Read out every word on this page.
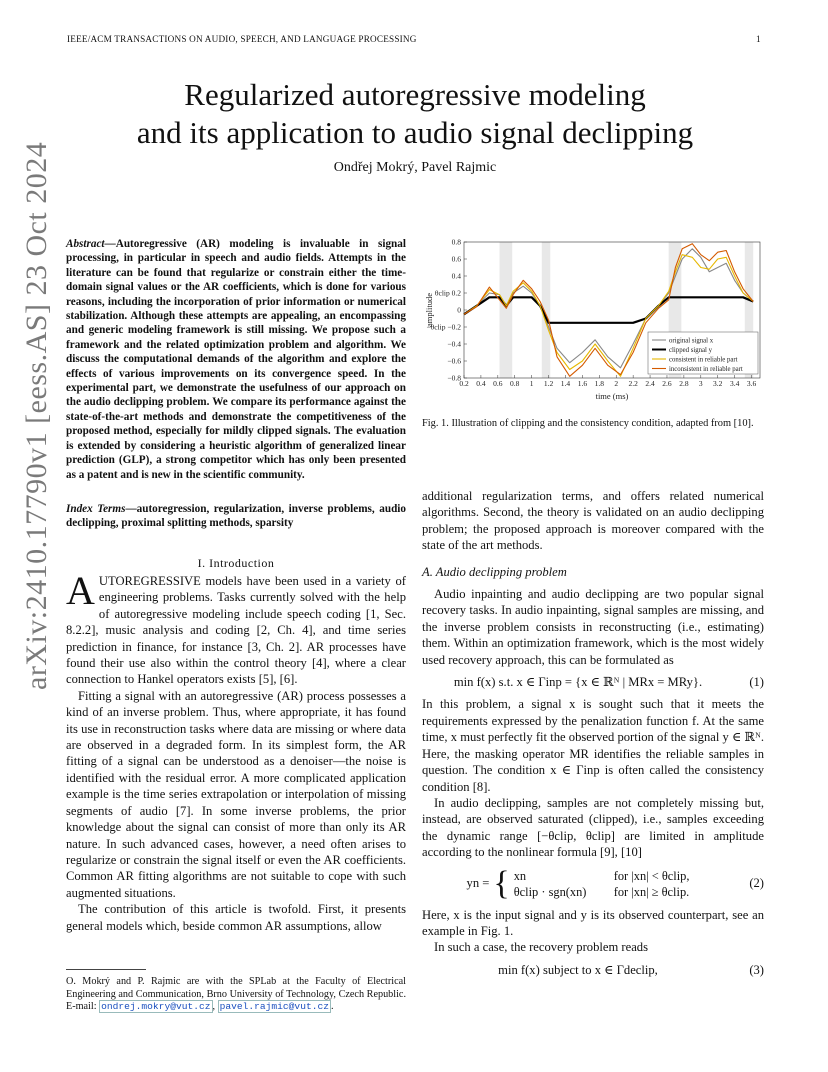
IEEE/ACM TRANSACTIONS ON AUDIO, SPEECH, AND LANGUAGE PROCESSING	1
Regularized autoregressive modeling
and its application to audio signal declipping
Ondřej Mokrý, Pavel Rajmic
arXiv:2410.17790v1 [eess.AS] 23 Oct 2024 Abstract—Autoregressive (AR) modeling is invaluable in signal processing, in particular in speech and audio fields. Attempts in the literature can be found that regularize or constrain either the time-domain signal values or the AR coefficients, which is done for various reasons, including the incorporation of prior information or numerical stabilization. Although these attempts are appealing, an encompassing and generic modeling framework is still missing. We propose such a framework and the related optimization problem and algorithm. We discuss the computational demands of the algorithm and explore the effects of various improvements on its convergence speed. In the experimental part, we demonstrate the usefulness of our approach on the audio declipping problem. We compare its performance against the state-of-the-art methods and demonstrate the competitiveness of the proposed method, especially for mildly clipped signals. The evaluation is extended by considering a heuristic algorithm of generalized linear prediction (GLP), a strong competitor which has only been presented as a patent and is new in the scientific community.
Index Terms—autoregression, regularization, inverse problems, audio declipping, proximal splitting methods, sparsity
I. Introduction

AUTOREGRESSIVE models have been used in a variety of engineering problems. Tasks currently solved with the help of autoregressive modeling include speech coding [1, Sec. 8.2.2], music analysis and coding [2, Ch. 4], and time series prediction in finance, for instance [3, Ch. 2]. AR processes have found their use also within the control theory [4], where a clear connection to Hankel operators exists [5], [6].

Fitting a signal with an autoregressive (AR) process possesses a kind of an inverse problem. Thus, where appropriate, it has found its use in reconstruction tasks where data are missing or where data are observed in a degraded form. In its simplest form, the AR fitting of a signal can be understood as a denoiser—the noise is identified with the residual error. A more complicated application example is the time series extrapolation or interpolation of missing segments of audio [7]. In some inverse problems, the prior knowledge about the signal can consist of more than only its AR nature. In such advanced cases, however, a need often arises to regularize or constrain the signal itself or even the AR coefficients. Common AR fitting algorithms are not suitable to cope with such augmented situations.

The contribution of this article is twofold. First, it presents general models which, beside common AR assumptions, allow

O. Mokrý and P. Rajmic are with the SPLab at the Faculty of Electrical Engineering and Communication, Brno University of Technology, Czech Republic. E-mail: ondrej.mokry@vut.cz , pavel.rajmic@vut.cz .
0.8
0.6
0.4
θclip 0.2
0
−θclip −0.2
−0.4
−0.6
−0.8
0.2 0.4 0.6 0.8 1 1.2 1.4 1.6 1.8 2 2.2 2.4 2.6 2.8 3 3.2 3.4 3.6
time (ms)
amplitude
original signal x
clipped signal y
consistent in reliable part
inconsistent in reliable part
Fig. 1. Illustration of clipping and the consistency condition, adapted from [10].

additional regularization terms, and offers related numerical algorithms. Second, the theory is validated on an audio declipping problem; the proposed approach is moreover compared with the state of the art methods.

A. Audio declipping problem

Audio inpainting and audio declipping are two popular signal recovery tasks. In audio inpainting, signal samples are missing, and the inverse problem consists in reconstructing (i.e., estimating) them. Within an optimization framework, which is the most widely used recovery approach, this can be formulated as

min f(x) s.t. x ∈ Γinp = {x ∈ ℝᴺ | MRx = MRy}.	(1)

In this problem, a signal x is sought such that it meets the requirements expressed by the penalization function f. At the same time, x must perfectly fit the observed portion of the signal y ∈ ℝᴺ. Here, the masking operator MR identifies the reliable samples in question. The condition x ∈ Γinp is often called the consistency condition [8].

In audio declipping, samples are not completely missing but, instead, are observed saturated (clipped), i.e., samples exceeding the dynamic range [−θclip, θclip] are limited in amplitude according to the nonlinear formula [9], [10]

yn = { xn	for |xn| < θclip,
θclip · sgn(xn) for |xn| ≥ θclip.
(2)

Here, x is the input signal and y is its observed counterpart, see an example in Fig. 1.

In such a case, the recovery problem reads

min f(x) subject to x ∈ Γdeclip,	(3)
